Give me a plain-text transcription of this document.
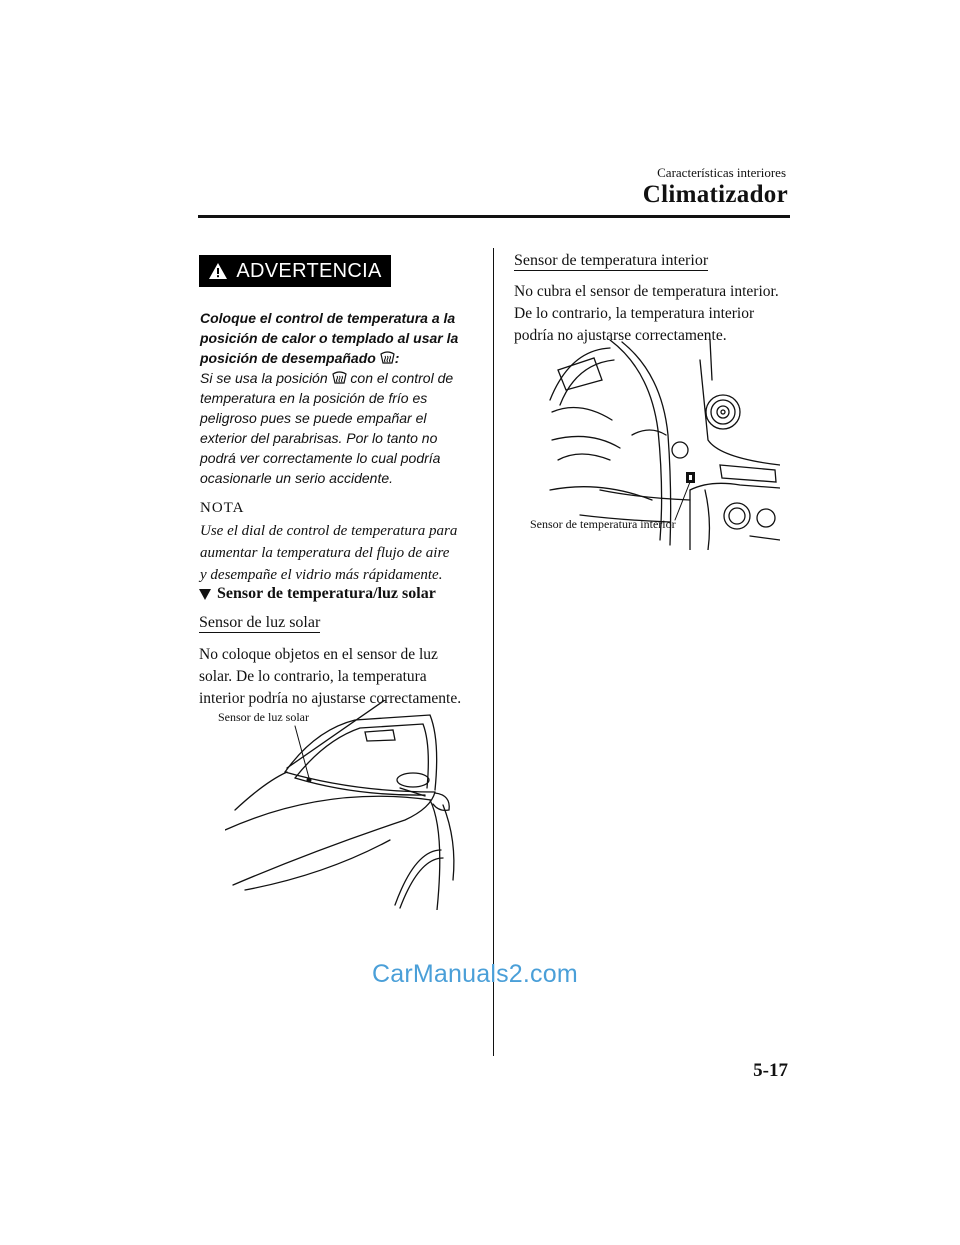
Características interiores
Climatizador
ADVERTENCIA

Coloque el control de temperatura a la

posición de calor o templado al usar la

posición de desempañado :

Si se usa la posición con el control de

temperatura en la posición de frío es

peligroso pues se puede empañar el

exterior del parabrisas. Por lo tanto no

podrá ver correctamente lo cual podría

ocasionarle un serio accidente.

NOTA
Use el dial de control de temperatura para
aumentar la temperatura del flujo de aire
y desempañe el vidrio más rápidamente.
Sensor de temperatura/luz solar
Sensor de luz solar
No coloque objetos en el sensor de luz
solar. De lo contrario, la temperatura
interior podría no ajustarse correctamente.
Sensor de luz solar
Sensor de temperatura interior
No cubra el sensor de temperatura interior.
De lo contrario, la temperatura interior
podría no ajustarse correctamente.
Sensor de temperatura interior
CarManuals2.com
5-17
